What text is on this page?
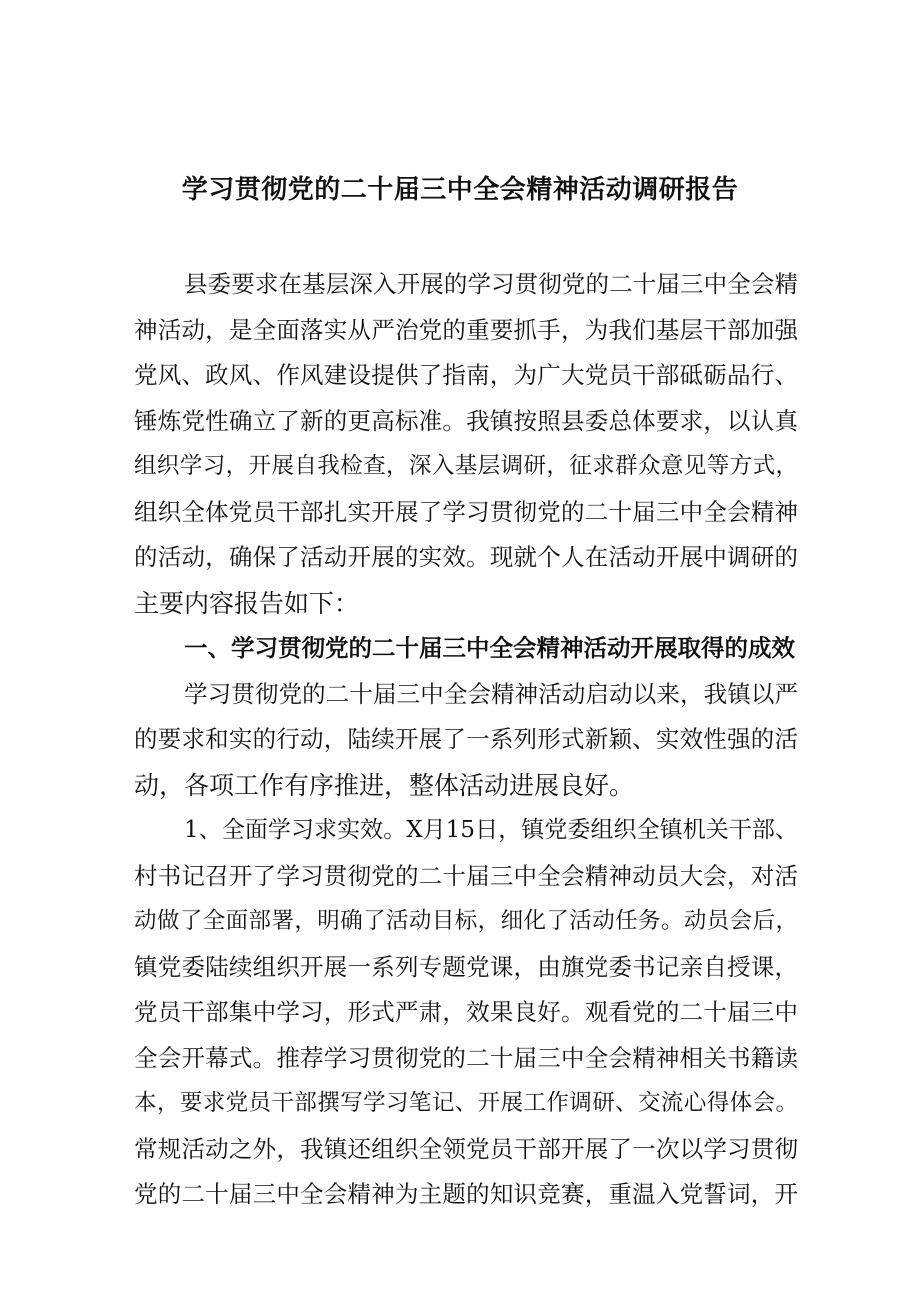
学习贯彻党的二十届三中全会精神活动调研报告
县委要求在基层深入开展的学习贯彻党的二十届三中全会精
神活动，是全面落实从严治党的重要抓手，为我们基层干部加强
党风、政风、作风建设提供了指南，为广大党员干部砥砺品行、
锤炼党性确立了新的更高标准。我镇按照县委总体要求，以认真
组织学习，开展自我检查，深入基层调研，征求群众意见等方式，
组织全体党员干部扎实开展了学习贯彻党的二十届三中全会精神
的活动，确保了活动开展的实效。现就个人在活动开展中调研的
主要内容报告如下：
一、学习贯彻党的二十届三中全会精神活动开展取得的成效
学习贯彻党的二十届三中全会精神活动启动以来，我镇以严
的要求和实的行动，陆续开展了一系列形式新颖、实效性强的活
动，各项工作有序推进，整体活动进展良好。
1、全面学习求实效。X月15日，镇党委组织全镇机关干部、
村书记召开了学习贯彻党的二十届三中全会精神动员大会，对活
动做了全面部署，明确了活动目标，细化了活动任务。动员会后，
镇党委陆续组织开展一系列专题党课，由旗党委书记亲自授课，
党员干部集中学习，形式严肃，效果良好。观看党的二十届三中
全会开幕式。推荐学习贯彻党的二十届三中全会精神相关书籍读
本，要求党员干部撰写学习笔记、开展工作调研、交流心得体会。
常规活动之外，我镇还组织全领党员干部开展了一次以学习贯彻
党的二十届三中全会精神为主题的知识竞赛，重温入党誓词，开
